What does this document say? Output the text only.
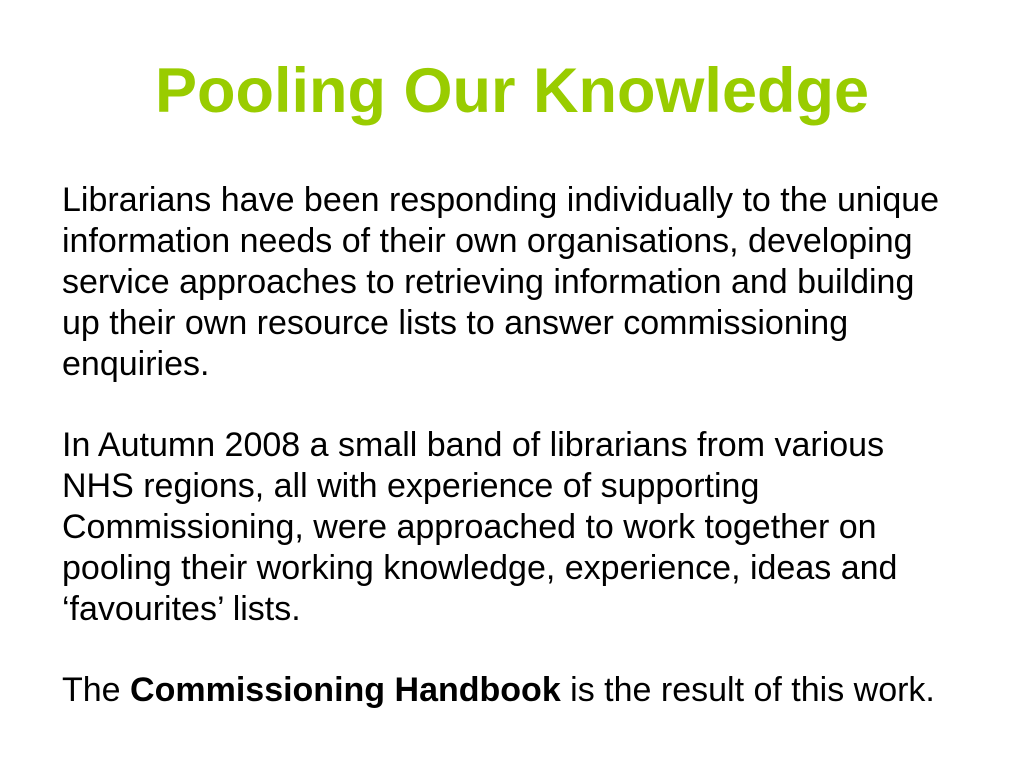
Pooling Our Knowledge
Librarians have been responding individually to the unique
information needs of their own organisations, developing
service approaches to retrieving information and building
up their own resource lists to answer commissioning
enquiries.
In Autumn 2008 a small band of librarians from various
NHS regions, all with experience of supporting
Commissioning, were approached to work together on
pooling their working knowledge, experience, ideas and
‘favourites’ lists.
The Commissioning Handbook is the result of this work.
